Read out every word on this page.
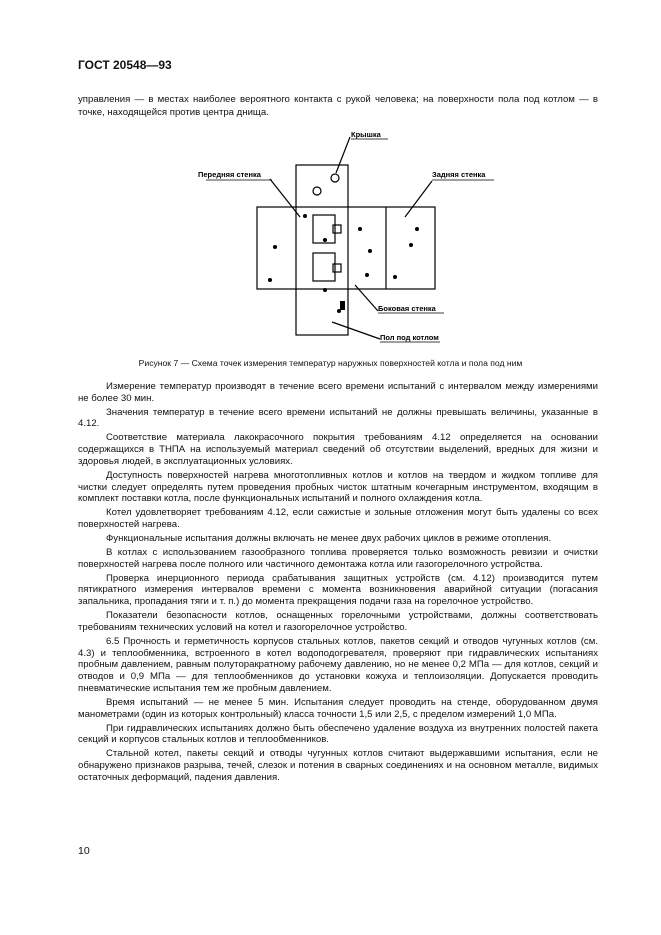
ГОСТ 20548—93

управления — в местах наиболее вероятного контакта с рукой человека; на поверхности пола под котлом — в точке, находящейся против центра днища.

Крышка
Передняя стенка	Задняя стенка
Боковая стенка
Пол под котлом
Рисунок 7 — Схема точек измерения температур наружных поверхностей котла и пола под ним

Измерение температур производят в течение всего времени испытаний с интервалом между измерениями не более 30 мин.

Значения температур в течение всего времени испытаний не должны превышать величины, указанные в 4.12.

Соответствие материала лакокрасочного покрытия требованиям 4.12 определяется на основании содержащихся в ТНПА на используемый материал сведений об отсутствии выделений, вредных для жизни и здоровья людей, в эксплуатационных условиях.

Доступность поверхностей нагрева многотопливных котлов и котлов на твердом и жидком топливе для чистки следует определять путем проведения пробных чисток штатным кочегарным инструментом, входящим в комплект поставки котла, после функциональных испытаний и полного охлаждения котла.

Котел удовлетворяет требованиям 4.12, если сажистые и зольные отложения могут быть удалены со всех поверхностей нагрева.

Функциональные испытания должны включать не менее двух рабочих циклов в режиме отопления.

В котлах с использованием газообразного топлива проверяется только возможность ревизии и очистки поверхностей нагрева после полного или частичного демонтажа котла или газогорелочного устройства.

Проверка инерционного периода срабатывания защитных устройств (см. 4.12) производится путем пятикратного измерения интервалов времени с момента возникновения аварийной ситуации (погасания запальника, пропадания тяги и т. п.) до момента прекращения подачи газа на горелочное устройство.

Показатели безопасности котлов, оснащенных горелочными устройствами, должны соответствовать требованиям технических условий на котел и газогорелочное устройство.

6.5 Прочность и герметичность корпусов стальных котлов, пакетов секций и отводов чугунных котлов (см. 4.3) и теплообменника, встроенного в котел водоподогревателя, проверяют при гидравлических испытаниях пробным давлением, равным полуторакратному рабочему давлению, но не менее 0,2 МПа — для котлов, секций и отводов и 0,9 МПа — для теплообменников до установки кожуха и теплоизоляции. Допускается проводить пневматические испытания тем же пробным давлением.

Время испытаний — не менее 5 мин. Испытания следует проводить на стенде, оборудованном двумя манометрами (один из которых контрольный) класса точности 1,5 или 2,5, с пределом измерений 1,0 МПа.

При гидравлических испытаниях должно быть обеспечено удаление воздуха из внутренних полостей пакета секций и корпусов стальных котлов и теплообменников.

Стальной котел, пакеты секций и отводы чугунных котлов считают выдержавшими испытания, если не обнаружено признаков разрыва, течей, слезок и потения в сварных соединениях и на основном металле, видимых остаточных деформаций, падения давления.

10
